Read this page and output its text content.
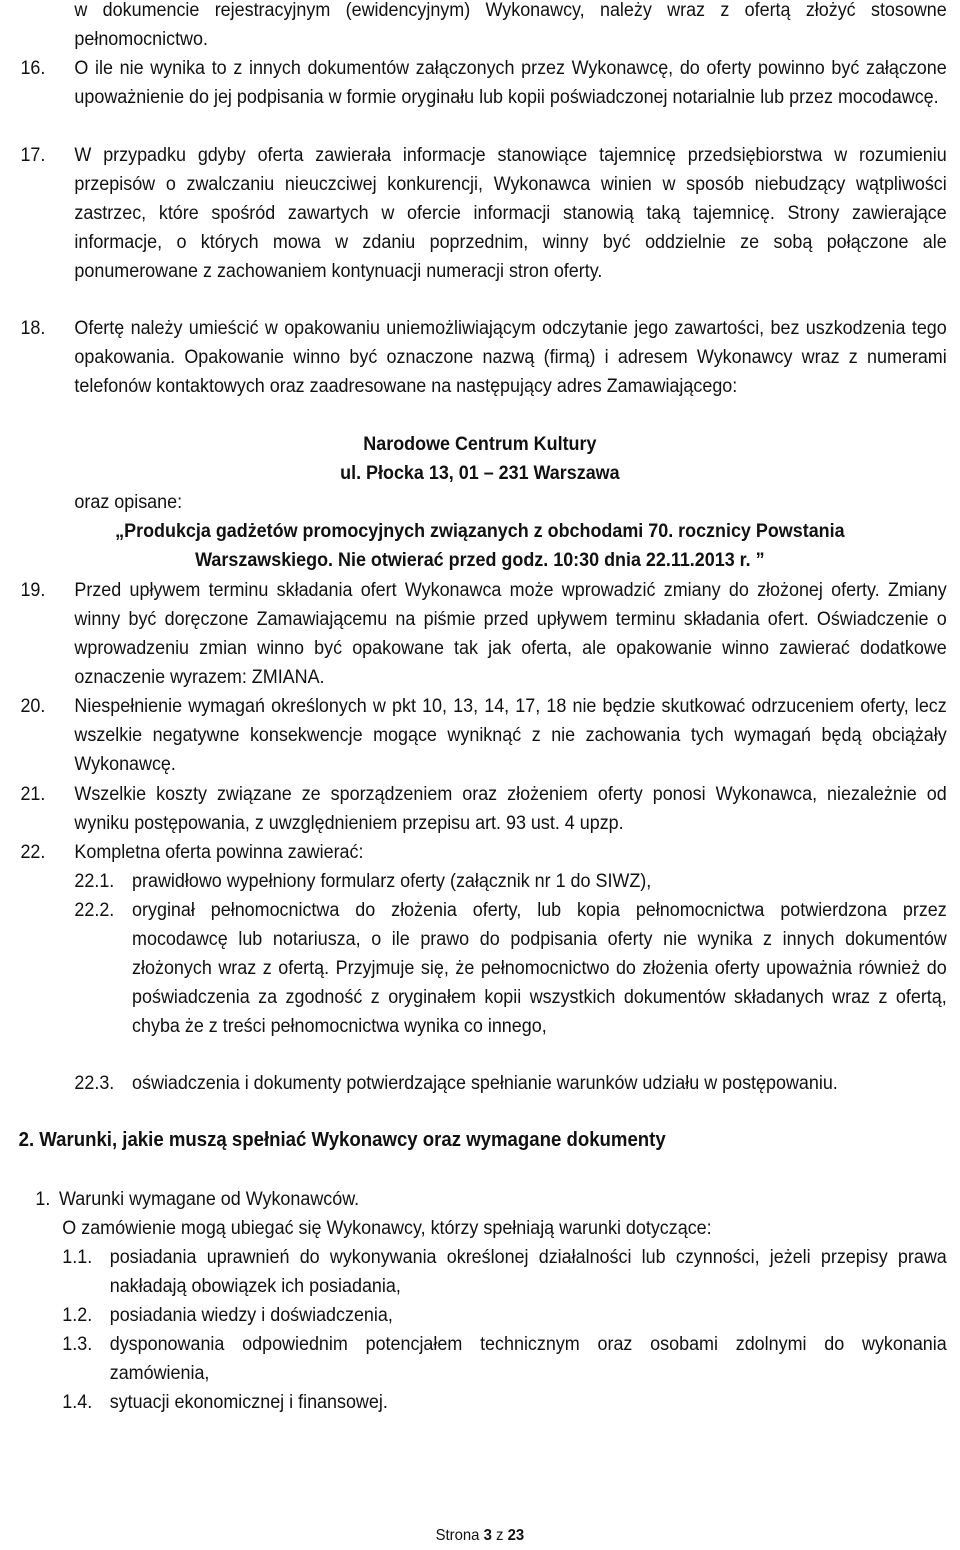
w dokumencie rejestracyjnym (ewidencyjnym) Wykonawcy, należy wraz z ofertą złożyć stosowne pełnomocnictwo.
16. O ile nie wynika to z innych dokumentów załączonych przez Wykonawcę, do oferty powinno być załączone upoważnienie do jej podpisania w formie oryginału lub kopii poświadczonej notarialnie lub przez mocodawcę.
17. W przypadku gdyby oferta zawierała informacje stanowiące tajemnicę przedsiębiorstwa w rozumieniu przepisów o zwalczaniu nieuczciwej konkurencji, Wykonawca winien w sposób niebudzący wątpliwości zastrzec, które spośród zawartych w ofercie informacji stanowią taką tajemnicę. Strony zawierające informacje, o których mowa w zdaniu poprzednim, winny być oddzielnie ze sobą połączone ale ponumerowane z zachowaniem kontynuacji numeracji stron oferty.
18. Ofertę należy umieścić w opakowaniu uniemożliwiającym odczytanie jego zawartości, bez uszkodzenia tego opakowania. Opakowanie winno być oznaczone nazwą (firmą) i adresem Wykonawcy wraz z numerami telefonów kontaktowych oraz zaadresowane na następujący adres Zamawiającego:
Narodowe Centrum Kultury
ul. Płocka 13, 01 – 231 Warszawa
oraz opisane:
„Produkcja gadżetów promocyjnych związanych z obchodami 70. rocznicy Powstania
Warszawskiego. Nie otwierać przed godz. 10:30 dnia 22.11.2013 r. ”
19. Przed upływem terminu składania ofert Wykonawca może wprowadzić zmiany do złożonej oferty. Zmiany winny być doręczone Zamawiającemu na piśmie przed upływem terminu składania ofert. Oświadczenie o wprowadzeniu zmian winno być opakowane tak jak oferta, ale opakowanie winno zawierać dodatkowe oznaczenie wyrazem: ZMIANA.
20. Niespełnienie wymagań określonych w pkt 10, 13, 14, 17, 18 nie będzie skutkować odrzuceniem oferty, lecz wszelkie negatywne konsekwencje mogące wyniknąć z nie zachowania tych wymagań będą obciążały Wykonawcę.
21. Wszelkie koszty związane ze sporządzeniem oraz złożeniem oferty ponosi Wykonawca, niezależnie od wyniku postępowania, z uwzględnieniem przepisu art. 93 ust. 4 upzp.
22. Kompletna oferta powinna zawierać:
22.1. prawidłowo wypełniony formularz oferty (załącznik nr 1 do SIWZ),
22.2. oryginał pełnomocnictwa do złożenia oferty, lub kopia pełnomocnictwa potwierdzona przez mocodawcę lub notariusza, o ile prawo do podpisania oferty nie wynika z innych dokumentów złożonych wraz z ofertą. Przyjmuje się, że pełnomocnictwo do złożenia oferty upoważnia również do poświadczenia za zgodność z oryginałem kopii wszystkich dokumentów składanych wraz z ofertą, chyba że z treści pełnomocnictwa wynika co innego,
22.3. oświadczenia i dokumenty potwierdzające spełnianie warunków udziału w postępowaniu.
2. Warunki, jakie muszą spełniać Wykonawcy oraz wymagane dokumenty
1. Warunki wymagane od Wykonawców.
O zamówienie mogą ubiegać się Wykonawcy, którzy spełniają warunki dotyczące:
1.1. posiadania uprawnień do wykonywania określonej działalności lub czynności, jeżeli przepisy prawa nakładają obowiązek ich posiadania,
1.2. posiadania wiedzy i doświadczenia,
1.3. dysponowania odpowiednim potencjałem technicznym oraz osobami zdolnymi do wykonania zamówienia,
1.4. sytuacji ekonomicznej i finansowej.
Strona 3 z 23
